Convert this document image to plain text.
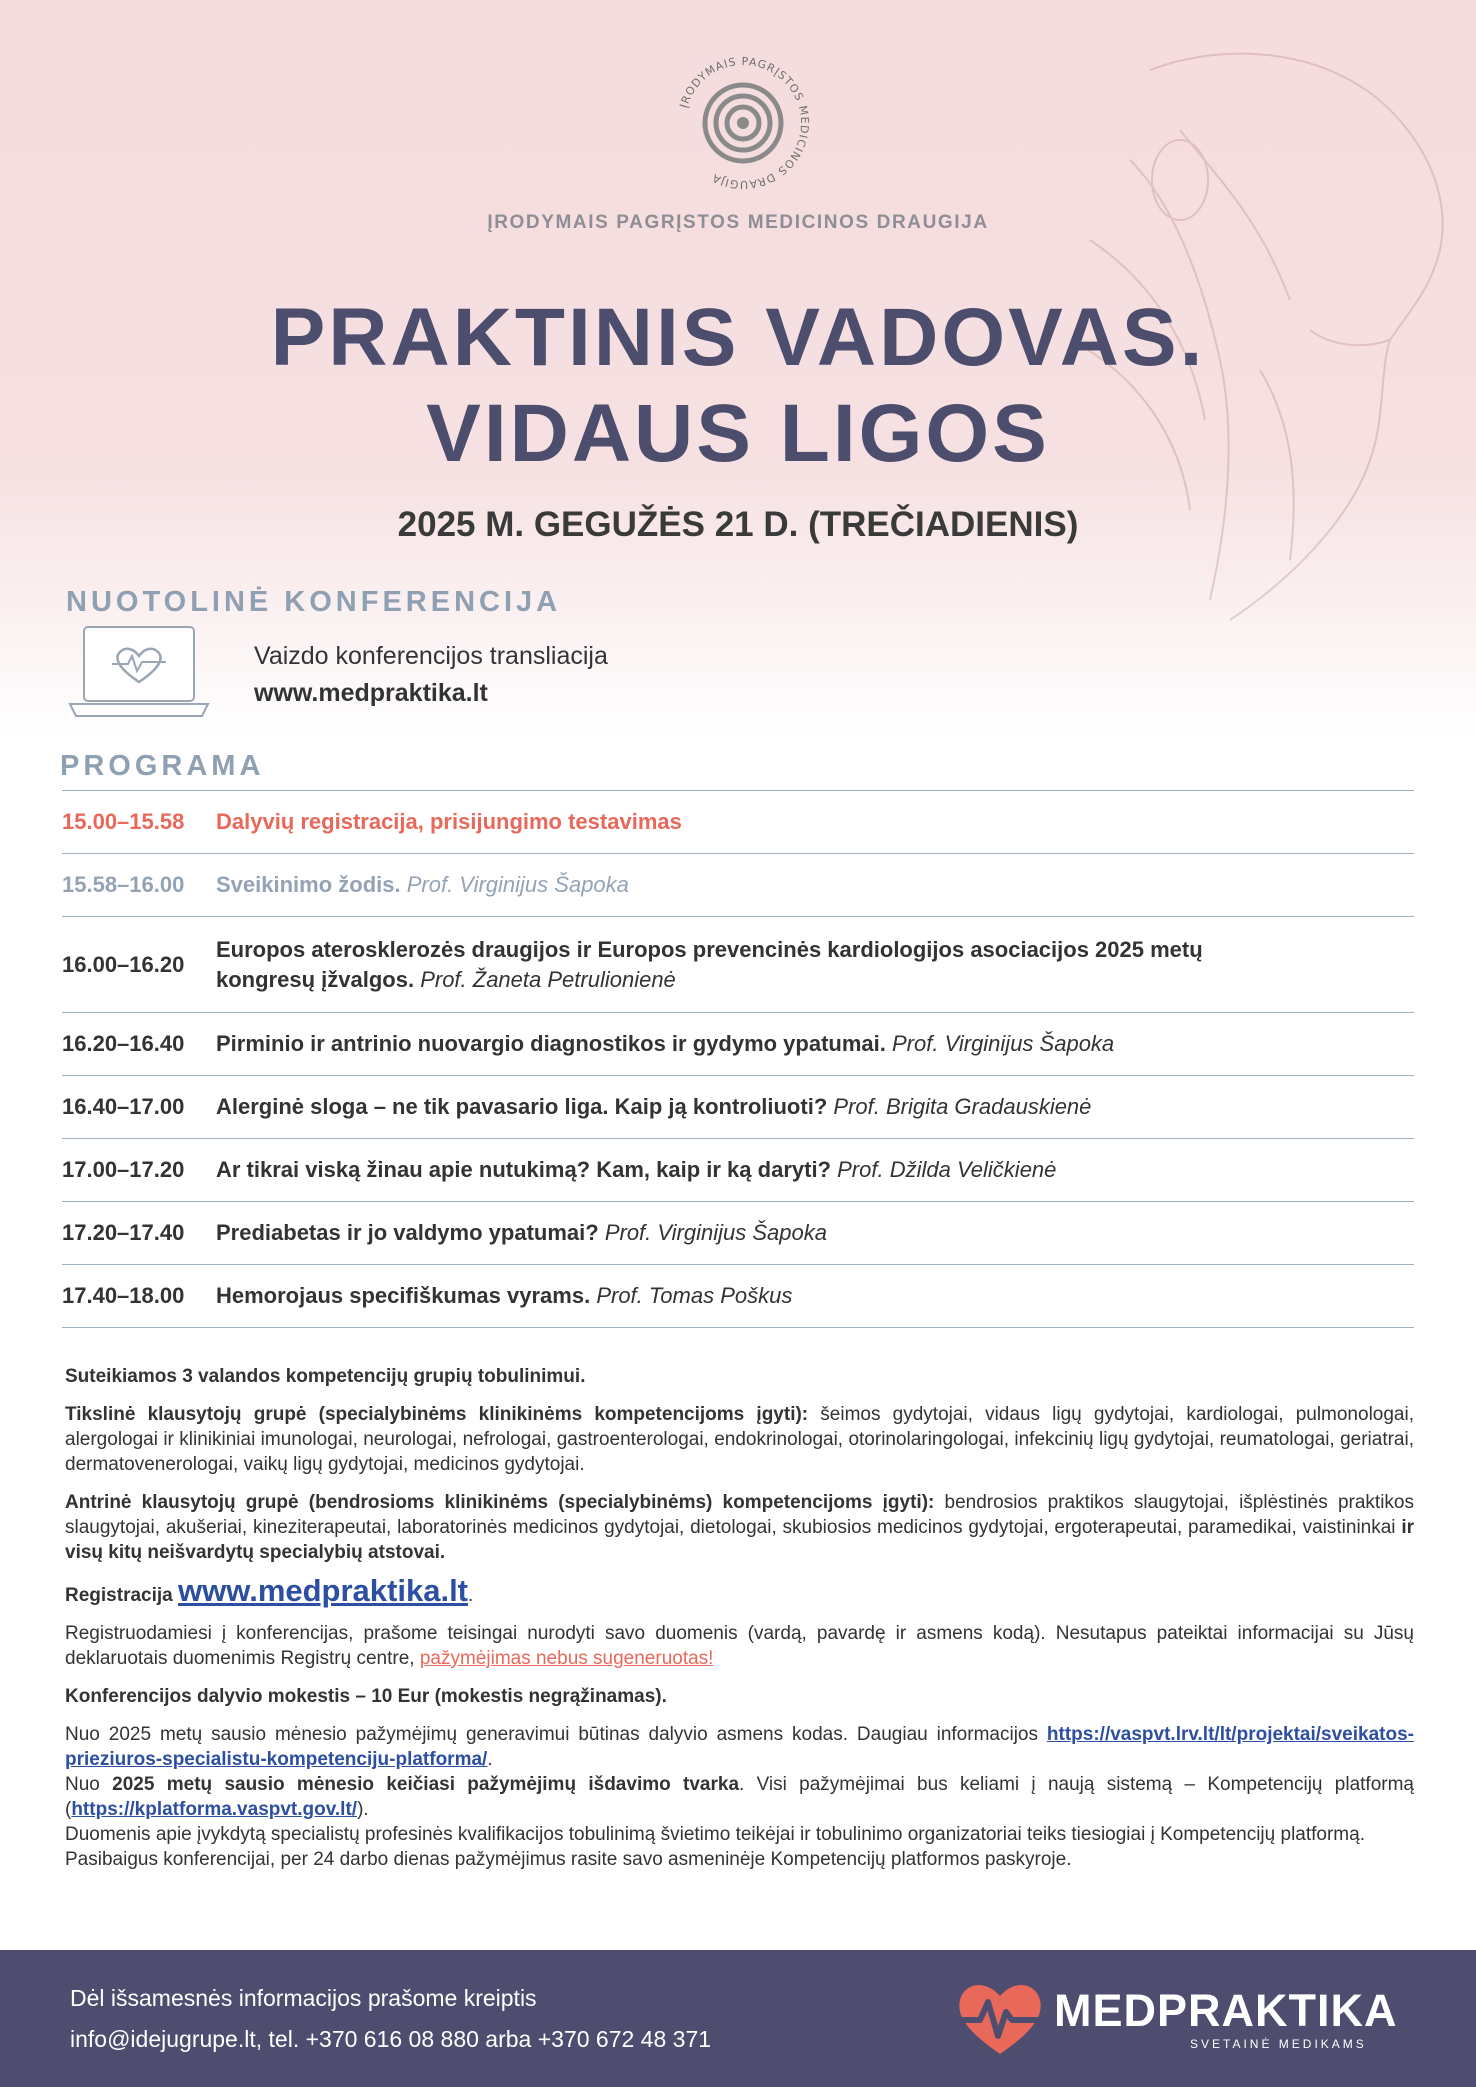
ĮRODYMAIS PAGRĮSTOS MEDICINOS DRAUGIJA
ĮRODYMAIS PAGRĮSTOS MEDICINOS DRAUGIJA
PRAKTINIS VADOVAS.
VIDAUS LIGOS
2025 M. GEGUŽĖS 21 D. (TREČIADIENIS)
NUOTOLINĖ KONFERENCIJA
Vaizdo konferencijos transliacija
www.medpraktika.lt
PROGRAMA
15.00–15.58	Dalyvių registracija, prisijungimo testavimas
15.58–16.00	Sveikinimo žodis. Prof. Virginijus Šapoka
16.00–16.20
Europos aterosklerozės draugijos ir Europos prevencinės kardiologijos asociacijos 2025 metų kongresų įžvalgos. Prof. Žaneta Petrulionienė
16.20–16.40	Pirminio ir antrinio nuovargio diagnostikos ir gydymo ypatumai. Prof. Virginijus Šapoka
16.40–17.00	Alerginė sloga – ne tik pavasario liga. Kaip ją kontroliuoti? Prof. Brigita Gradauskienė
17.00–17.20	Ar tikrai viską žinau apie nutukimą? Kam, kaip ir ką daryti? Prof. Džilda Veličkienė
17.20–17.40	Prediabetas ir jo valdymo ypatumai? Prof. Virginijus Šapoka
17.40–18.00	Hemorojaus specifiškumas vyrams. Prof. Tomas Poškus

Suteikiamos 3 valandos kompetencijų grupių tobulinimui.

Tikslinė klausytojų grupė (specialybinėms klinikinėms kompetencijoms įgyti): šeimos gydytojai, vidaus ligų gydytojai, kardiologai, pulmonologai, alergologai ir klinikiniai imunologai, neurologai, nefrologai, gastroenterologai, endokrinologai, otorinolaringologai, infekcinių ligų gydytojai, reumatologai, geriatrai, dermatovenerologai, vaikų ligų gydytojai, medicinos gydytojai.

Antrinė klausytojų grupė (bendrosioms klinikinėms (specialybinėms) kompetencijoms įgyti): bendrosios praktikos slaugytojai, išplėstinės praktikos slaugytojai, akušeriai, kineziterapeutai, laboratorinės medicinos gydytojai, dietologai, skubiosios medicinos gydytojai, ergoterapeutai, paramedikai, vaistininkai ir visų kitų neišvardytų specialybių atstovai.

Registracija www.medpraktika.lt.

Registruodamiesi į konferencijas, prašome teisingai nurodyti savo duomenis (vardą, pavardę ir asmens kodą). Nesutapus pateiktai informacijai su Jūsų deklaruotais duomenimis Registrų centre, pažymėjimas nebus sugeneruotas!

Konferencijos dalyvio mokestis – 10 Eur (mokestis negrąžinamas).

Nuo 2025 metų sausio mėnesio pažymėjimų generavimui būtinas dalyvio asmens kodas. Daugiau informacijos https://vaspvt.lrv.lt/lt/projektai/sveikatos-prieziuros-specialistu-kompetenciju-platforma/.
Nuo 2025 metų sausio mėnesio keičiasi pažymėjimų išdavimo tvarka. Visi pažymėjimai bus keliami į naują sistemą – Kompetencijų platformą (https://kplatforma.vaspvt.gov.lt/).
Duomenis apie įvykdytą specialistų profesinės kvalifikacijos tobulinimą švietimo teikėjai ir tobulinimo organizatoriai teiks tiesiogiai į Kompetencijų platformą.
Pasibaigus konferencijai, per 24 darbo dienas pažymėjimus rasite savo asmeninėje Kompetencijų platformos paskyroje.
Dėl išsamesnės informacijos prašome kreiptis
info@idejugrupe.lt, tel. +370 616 08 880 arba +370 672 48 371
MEDPRAKTIKA
SVETAINĖ MEDIKAMS
